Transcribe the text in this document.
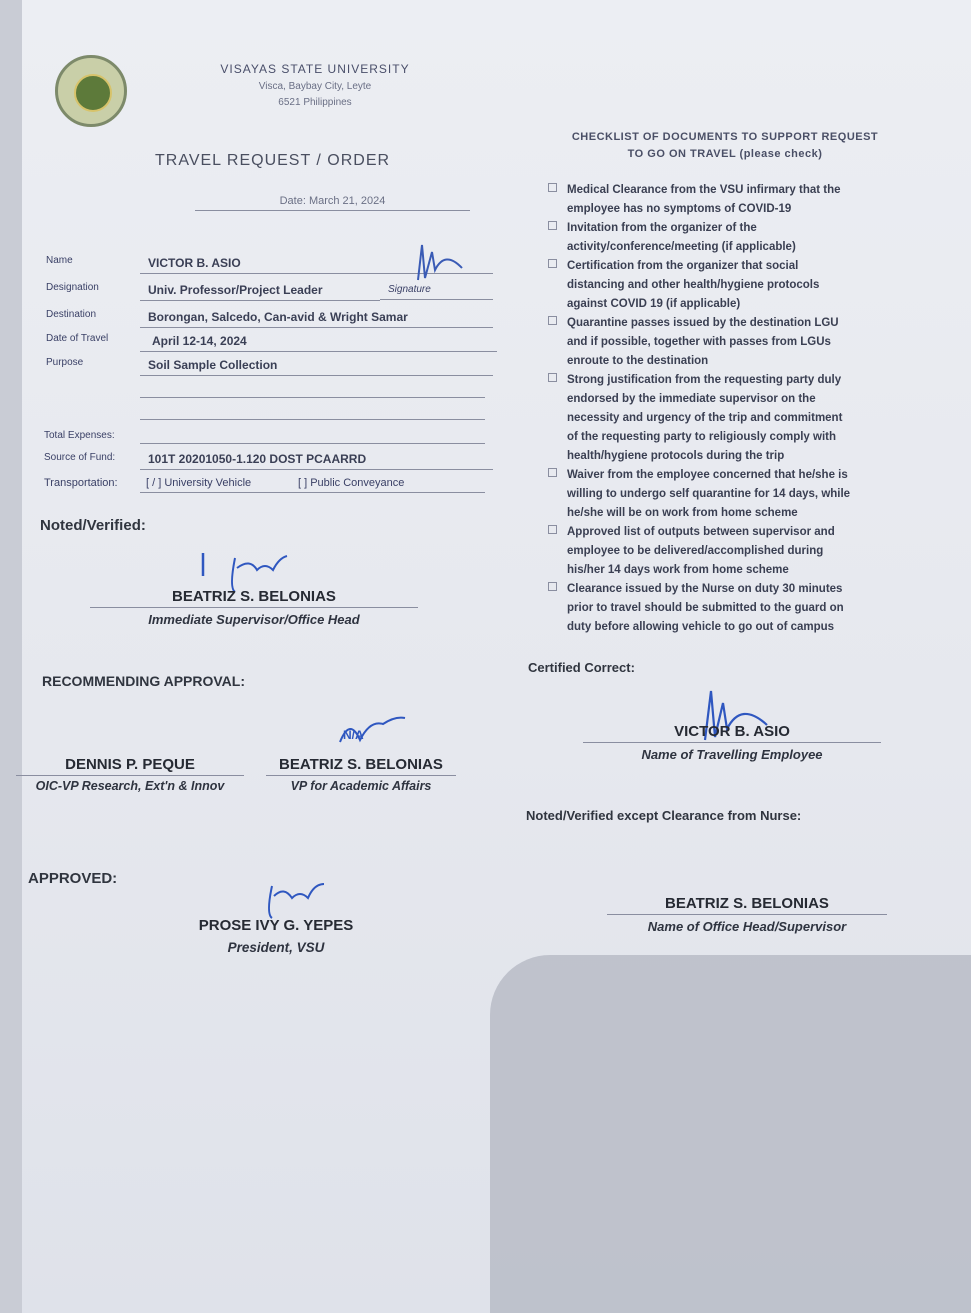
VISAYAS STATE UNIVERSITY
Visca, Baybay City, Leyte
6521 Philippines
TRAVEL REQUEST / ORDER
Date: March 21, 2024
Name	VICTOR B. ASIO
Designation	Univ. Professor/Project Leader	Signature
Destination	Borongan, Salcedo, Can-avid & Wright Samar
Date of Travel	April 12-14, 2024
Purpose	Soil Sample Collection
Total Expenses:
Source of Fund:	101T 20201050-1.120 DOST PCAARRD
Transportation:	[ / ] University Vehicle	[ ] Public Conveyance
Noted/Verified:
BEATRIZ S. BELONIAS
Immediate Supervisor/Office Head
RECOMMENDING APPROVAL:
N/A
DENNIS P. PEQUE
OIC-VP Research, Ext'n & Innov
BEATRIZ S. BELONIAS
VP for Academic Affairs
APPROVED:
PROSE IVY G. YEPES
President, VSU
CHECKLIST OF DOCUMENTS TO SUPPORT REQUEST
TO GO ON TRAVEL (please check)
Medical Clearance from the VSU infirmary that the
employee has no symptoms of COVID-19
Invitation from the organizer of the
activity/conference/meeting (if applicable)
Certification from the organizer that social
distancing and other health/hygiene protocols
against COVID 19 (if applicable)
Quarantine passes issued by the destination LGU
and if possible, together with passes from LGUs
enroute to the destination
Strong justification from the requesting party duly
endorsed by the immediate supervisor on the
necessity and urgency of the trip and commitment
of the requesting party to religiously comply with
health/hygiene protocols during the trip
Waiver from the employee concerned that he/she is
willing to undergo self quarantine for 14 days, while
he/she will be on work from home scheme
Approved list of outputs between supervisor and
employee to be delivered/accomplished during
his/her 14 days work from home scheme
Clearance issued by the Nurse on duty 30 minutes
prior to travel should be submitted to the guard on
duty before allowing vehicle to go out of campus
Certified Correct:
VICTOR B. ASIO
Name of Travelling Employee
Noted/Verified except Clearance from Nurse:
BEATRIZ S. BELONIAS
Name of Office Head/Supervisor
